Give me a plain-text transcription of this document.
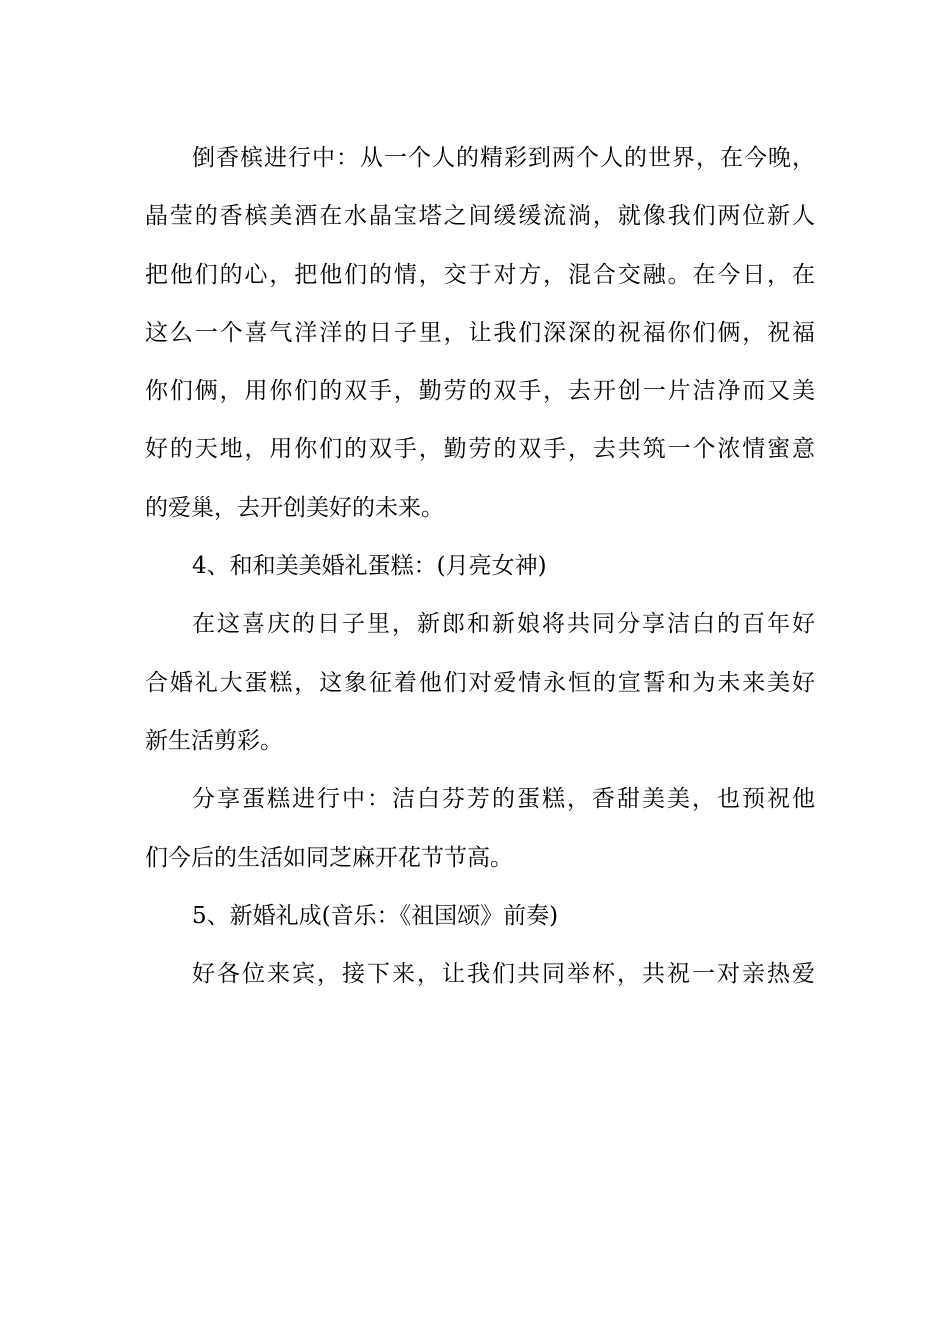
倒香槟进行中：从一个人的精彩到两个人的世界，在今晚，
晶莹的香槟美酒在水晶宝塔之间缓缓流淌，就像我们两位新人
把他们的心，把他们的情，交于对方，混合交融。在今日，在
这么一个喜气洋洋的日子里，让我们深深的祝福你们俩，祝福
你们俩，用你们的双手，勤劳的双手，去开创一片洁净而又美
好的天地，用你们的双手，勤劳的双手，去共筑一个浓情蜜意
的爱巢，去开创美好的未来。
4、和和美美婚礼蛋糕：(月亮女神)
在这喜庆的日子里，新郎和新娘将共同分享洁白的百年好
合婚礼大蛋糕，这象征着他们对爱情永恒的宣誓和为未来美好
新生活剪彩。
分享蛋糕进行中：洁白芬芳的蛋糕，香甜美美，也预祝他
们今后的生活如同芝麻开花节节高。
5、新婚礼成(音乐：《祖国颂》前奏)
好各位来宾，接下来，让我们共同举杯，共祝一对亲热爱
